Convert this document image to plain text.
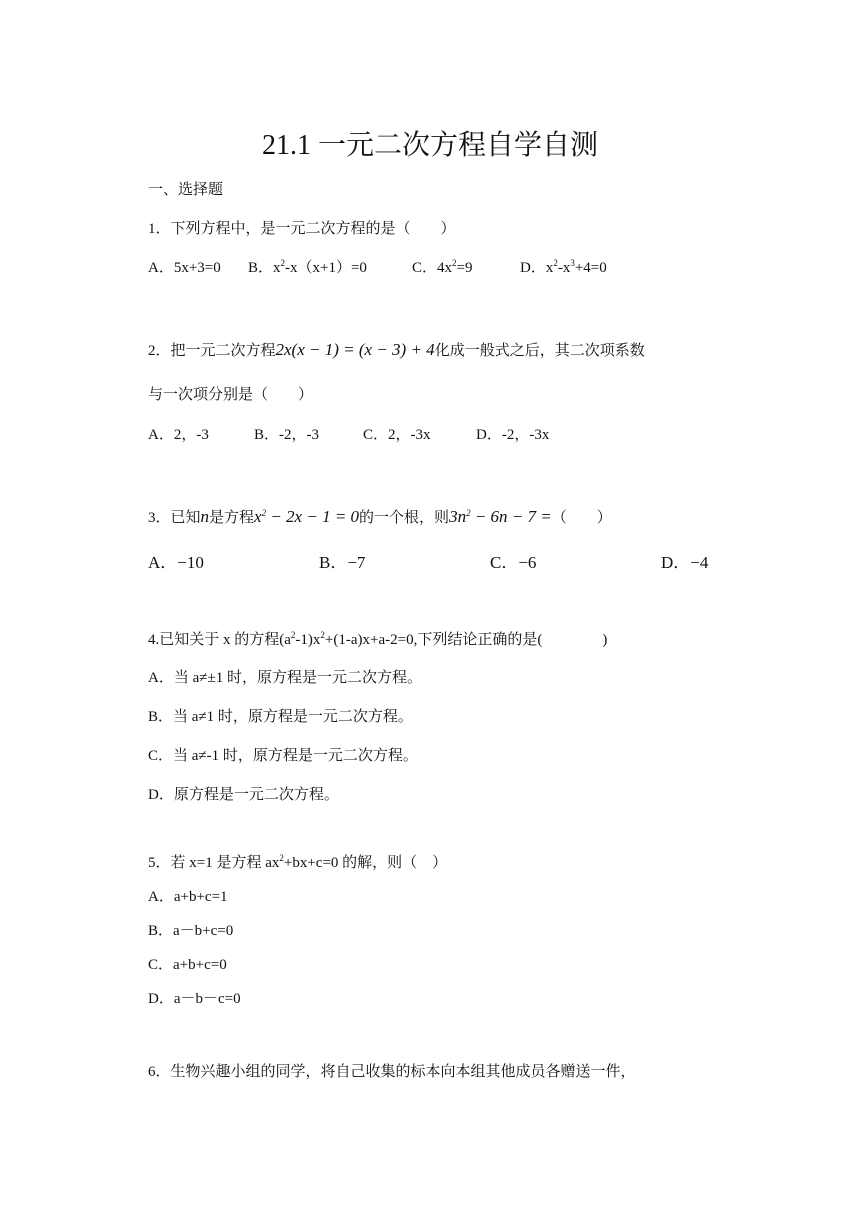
21.1 一元二次方程自学自测
一、选择题
1．下列方程中，是一元二次方程的是（　　）
A．5x+3=0 B．$x^2-x(x+1)=0$	C．$4x^2=9$	D．$x^2-x^3+4=0$
2．把一元二次方程2x(x − 1) = (x − 3) + 4化成一般式之后，其二次项系数
与一次项分别是（　　）
A．2，-3	B．-2，-3	C．2，-3x	D．-2，-3x
3．已知n是方程$x^2 - 2x - 1 = 0$的一个根，则$3n^2 - 6n - 7$ =（　　）
A．−10	B．−7	C．−6	D．−4
4.已知关于 x 的方程$(a^2-1)x^2+(1-a)x+a-2=0$,下列结论正确的是(　　　　)
A．当 a≠±1 时，原方程是一元二次方程。
B．当 a≠1 时，原方程是一元二次方程。
C．当 a≠-1 时，原方程是一元二次方程。
D．原方程是一元二次方程。
5．若 x=1 是方程 $ax^2+bx+c=0$ 的解，则（　）
A．a+b+c=1
B．a－b+c=0
C．a+b+c=0
D．a－b－c=0
6．生物兴趣小组的同学，将自己收集的标本向本组其他成员各赠送一件，
